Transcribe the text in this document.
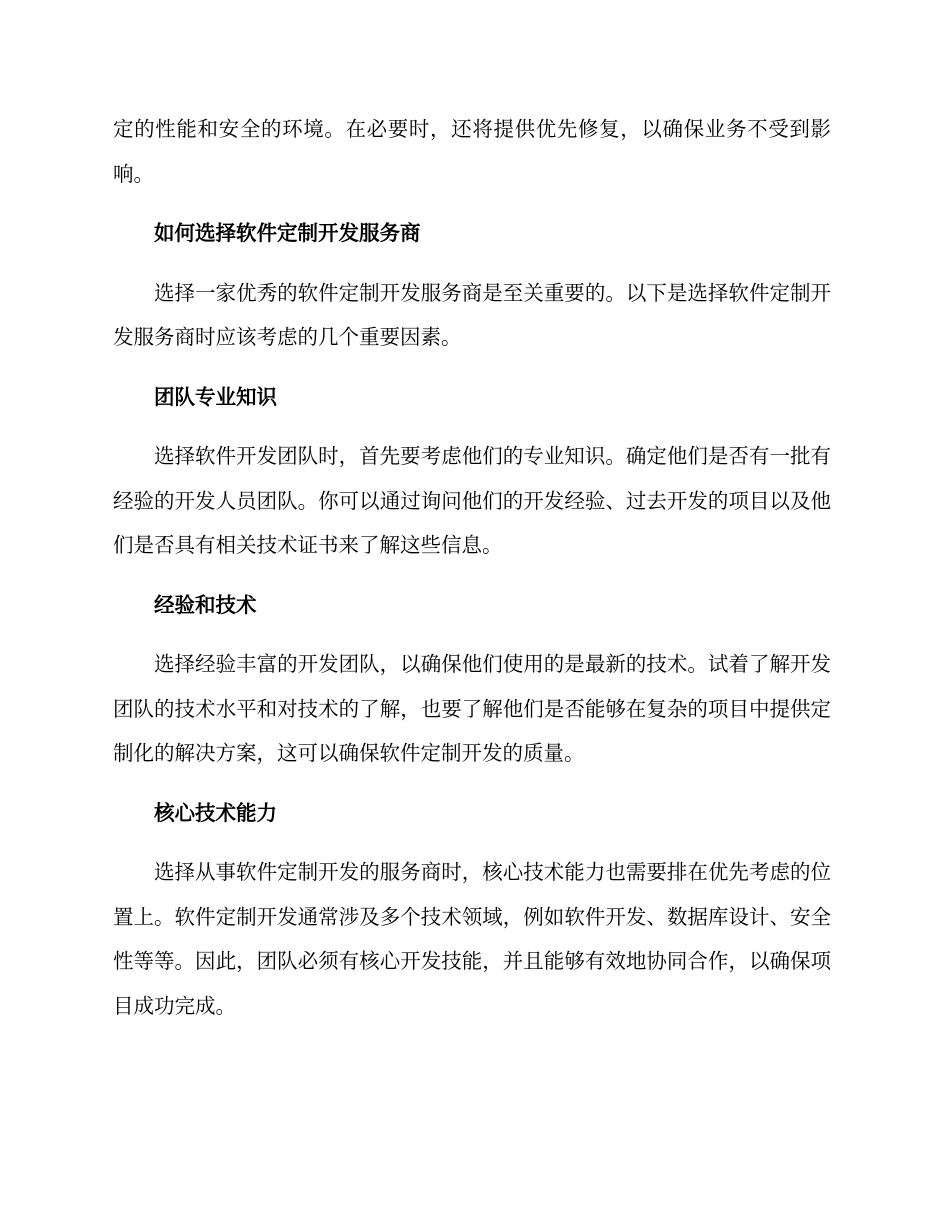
定的性能和安全的环境。在必要时，还将提供优先修复，以确保业务不受到影响。

如何选择软件定制开发服务商

选择一家优秀的软件定制开发服务商是至关重要的。以下是选择软件定制开发服务商时应该考虑的几个重要因素。

团队专业知识

选择软件开发团队时，首先要考虑他们的专业知识。确定他们是否有一批有经验的开发人员团队。你可以通过询问他们的开发经验、过去开发的项目以及他们是否具有相关技术证书来了解这些信息。

经验和技术

选择经验丰富的开发团队，以确保他们使用的是最新的技术。试着了解开发团队的技术水平和对技术的了解，也要了解他们是否能够在复杂的项目中提供定制化的解决方案，这可以确保软件定制开发的质量。

核心技术能力

选择从事软件定制开发的服务商时，核心技术能力也需要排在优先考虑的位置上。软件定制开发通常涉及多个技术领域，例如软件开发、数据库设计、安全性等等。因此，团队必须有核心开发技能，并且能够有效地协同合作，以确保项目成功完成。
